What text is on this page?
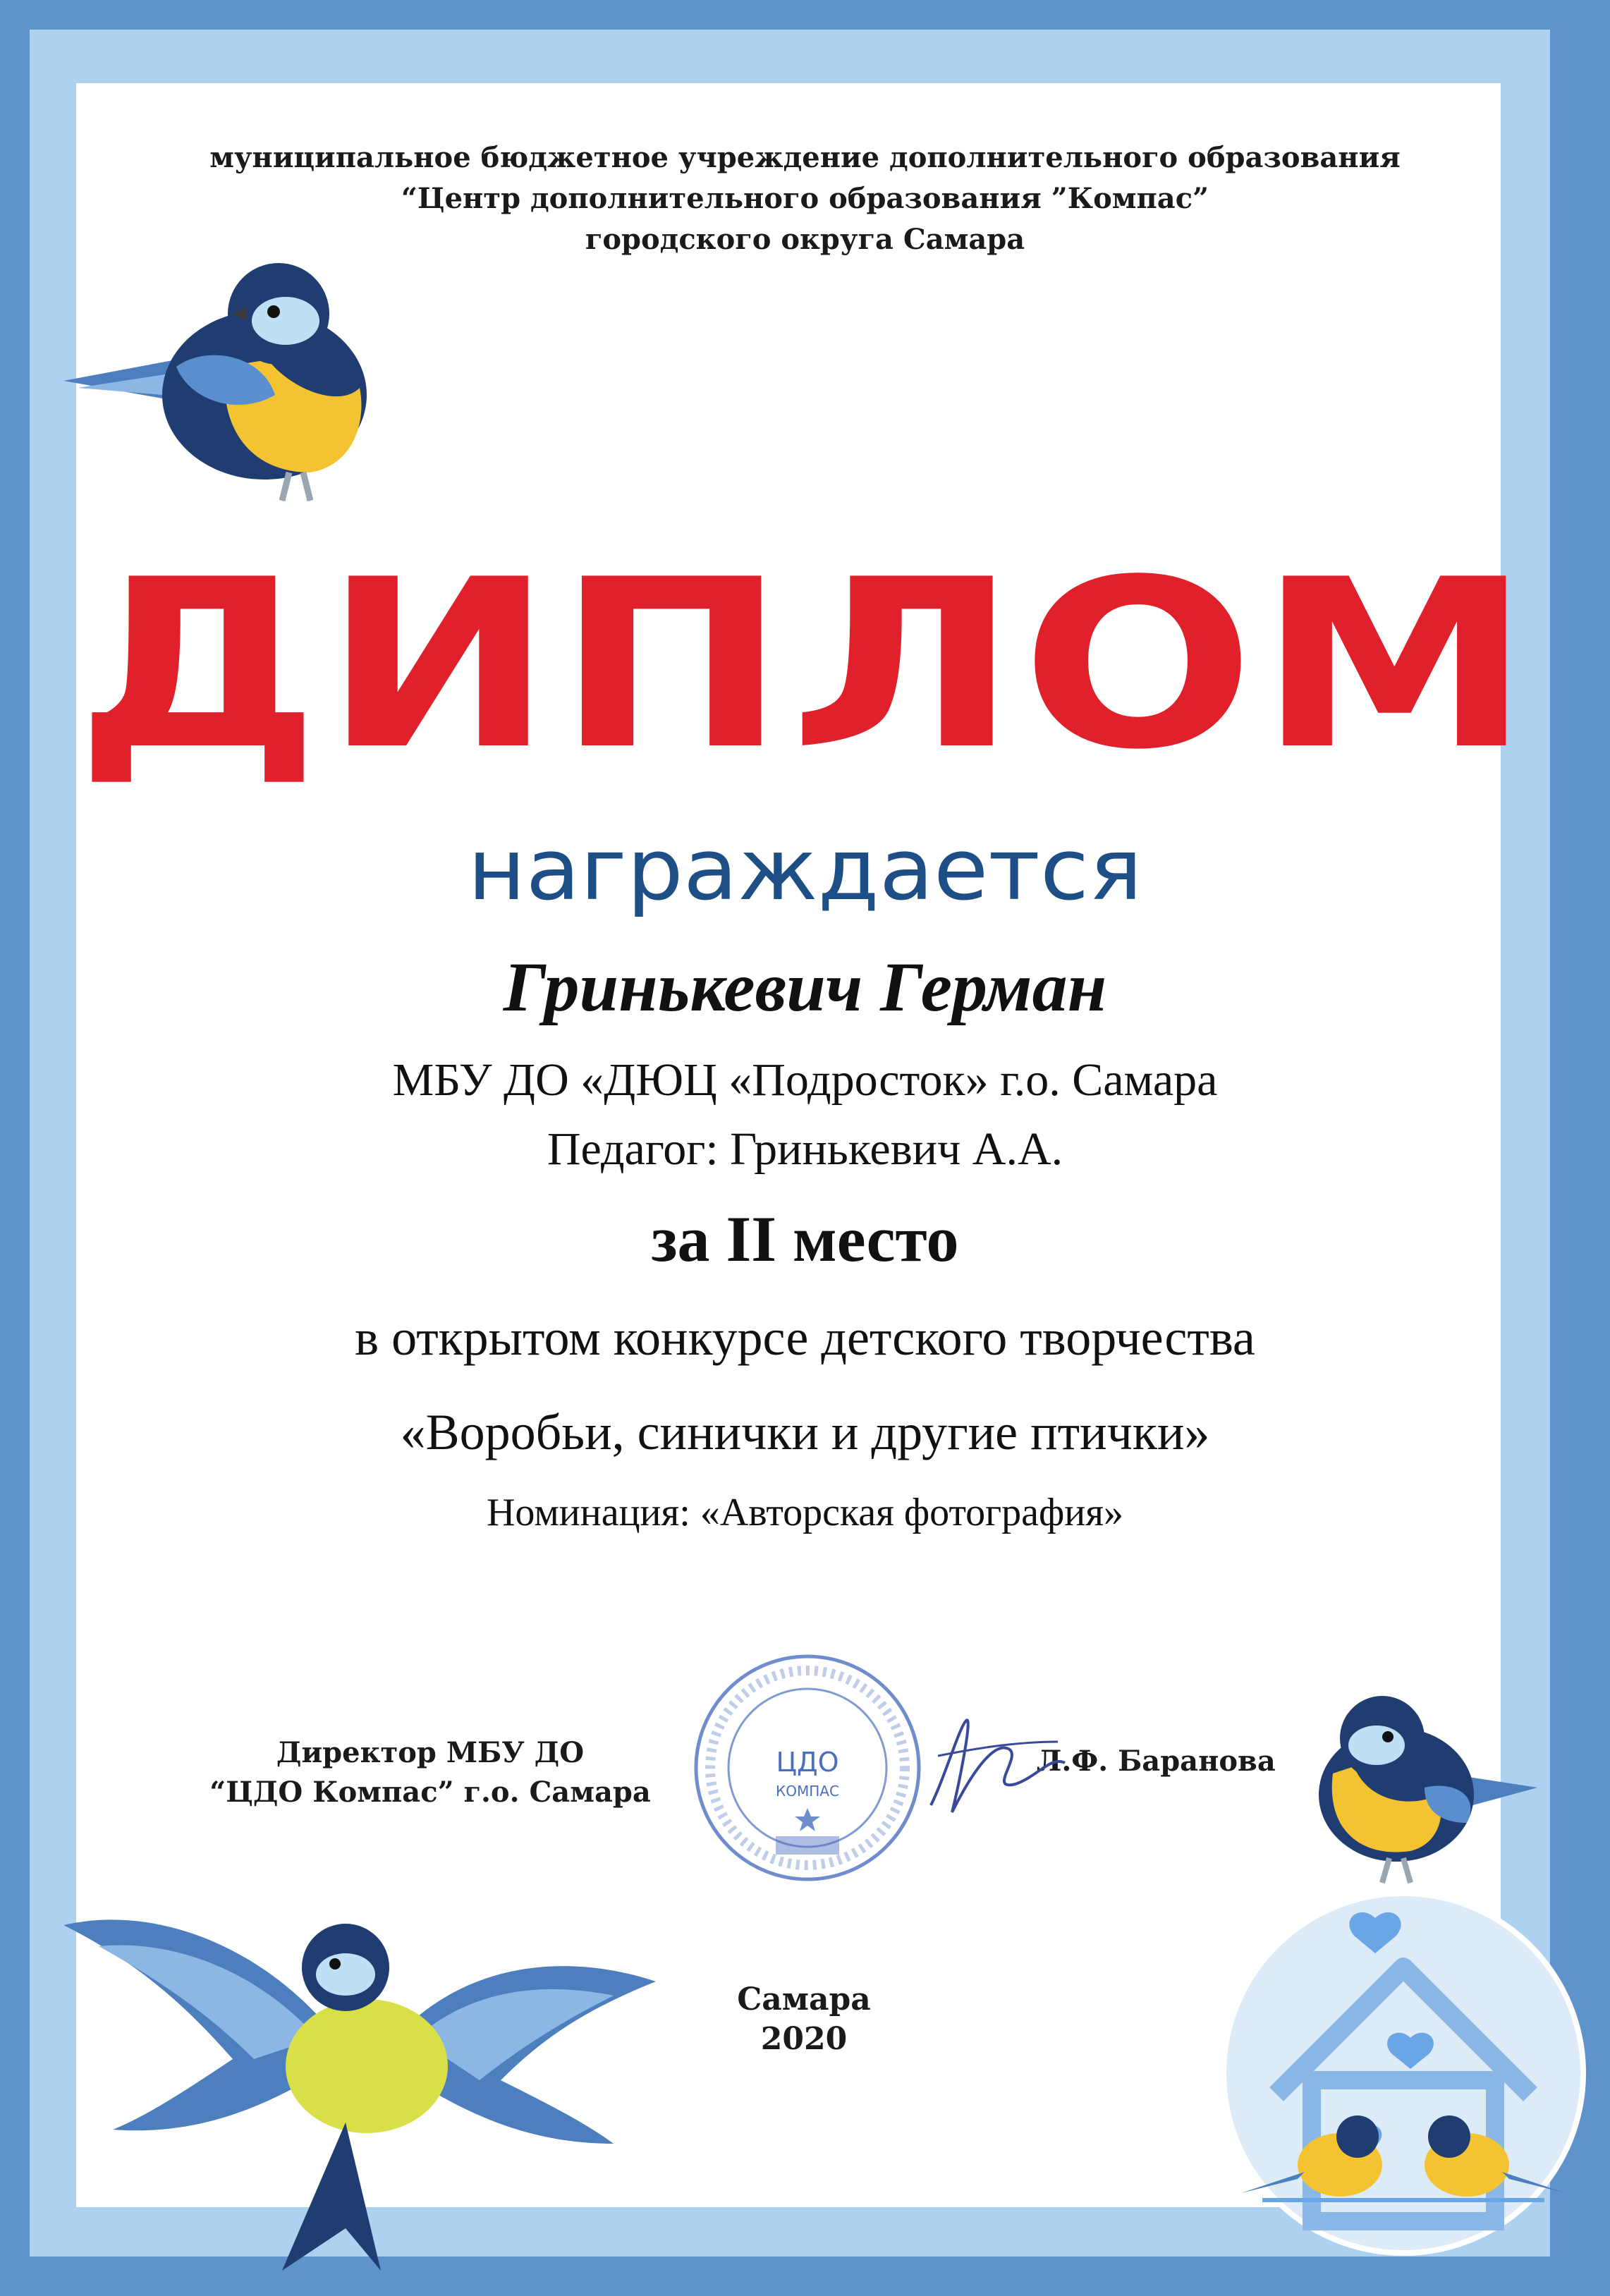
муниципальное бюджетное учреждение дополнительного образования
“Центр дополнительного образования ”Компас”
городского округа Самара
ДИПЛОМ
награждается
Гринькевич Герман
МБУ ДО «ДЮЦ «Подросток» г.о. Самара
Педагог: Гринькевич А.А.
за II место
в открытом конкурсе детского творчества
«Воробьи, синички и другие птички»
Номинация: «Авторская фотография»
Директор МБУ ДО
“ЦДО Компас” г.о. Самара
Л.Ф. Баранова
ЦДО
КОМПАС
Самара
2020
